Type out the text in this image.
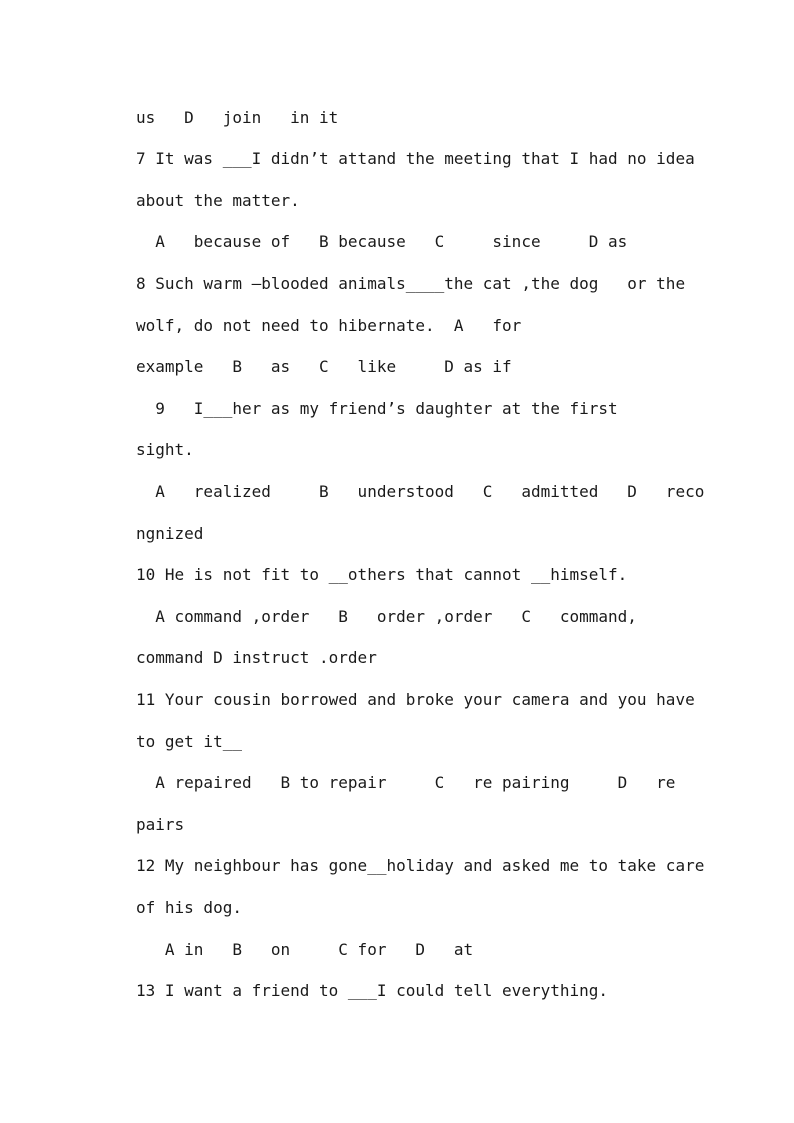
us   D   join   in it
7 It was ___I didn’t attand the meeting that I had no idea
about the matter.
A   because of   B because   C     since     D as
8 Such warm –blooded animals____the cat ,the dog   or the
wolf, do not need to hibernate.  A   for
example   B   as   C   like     D as if
9   I___her as my friend’s daughter at the first
sight.
A   realized     B   understood   C   admitted   D   reco
ngnized
10 He is not fit to __others that cannot __himself.
A command ,order   B   order ,order   C   command,
command D instruct .order
11 Your cousin borrowed and broke your camera and you have
to get it__
A repaired   B to repair     C   re pairing     D   re
pairs
12 My neighbour has gone__holiday and asked me to take care
of his dog.
A in   B   on     C for   D   at
13 I want a friend to ___I could tell everything.
